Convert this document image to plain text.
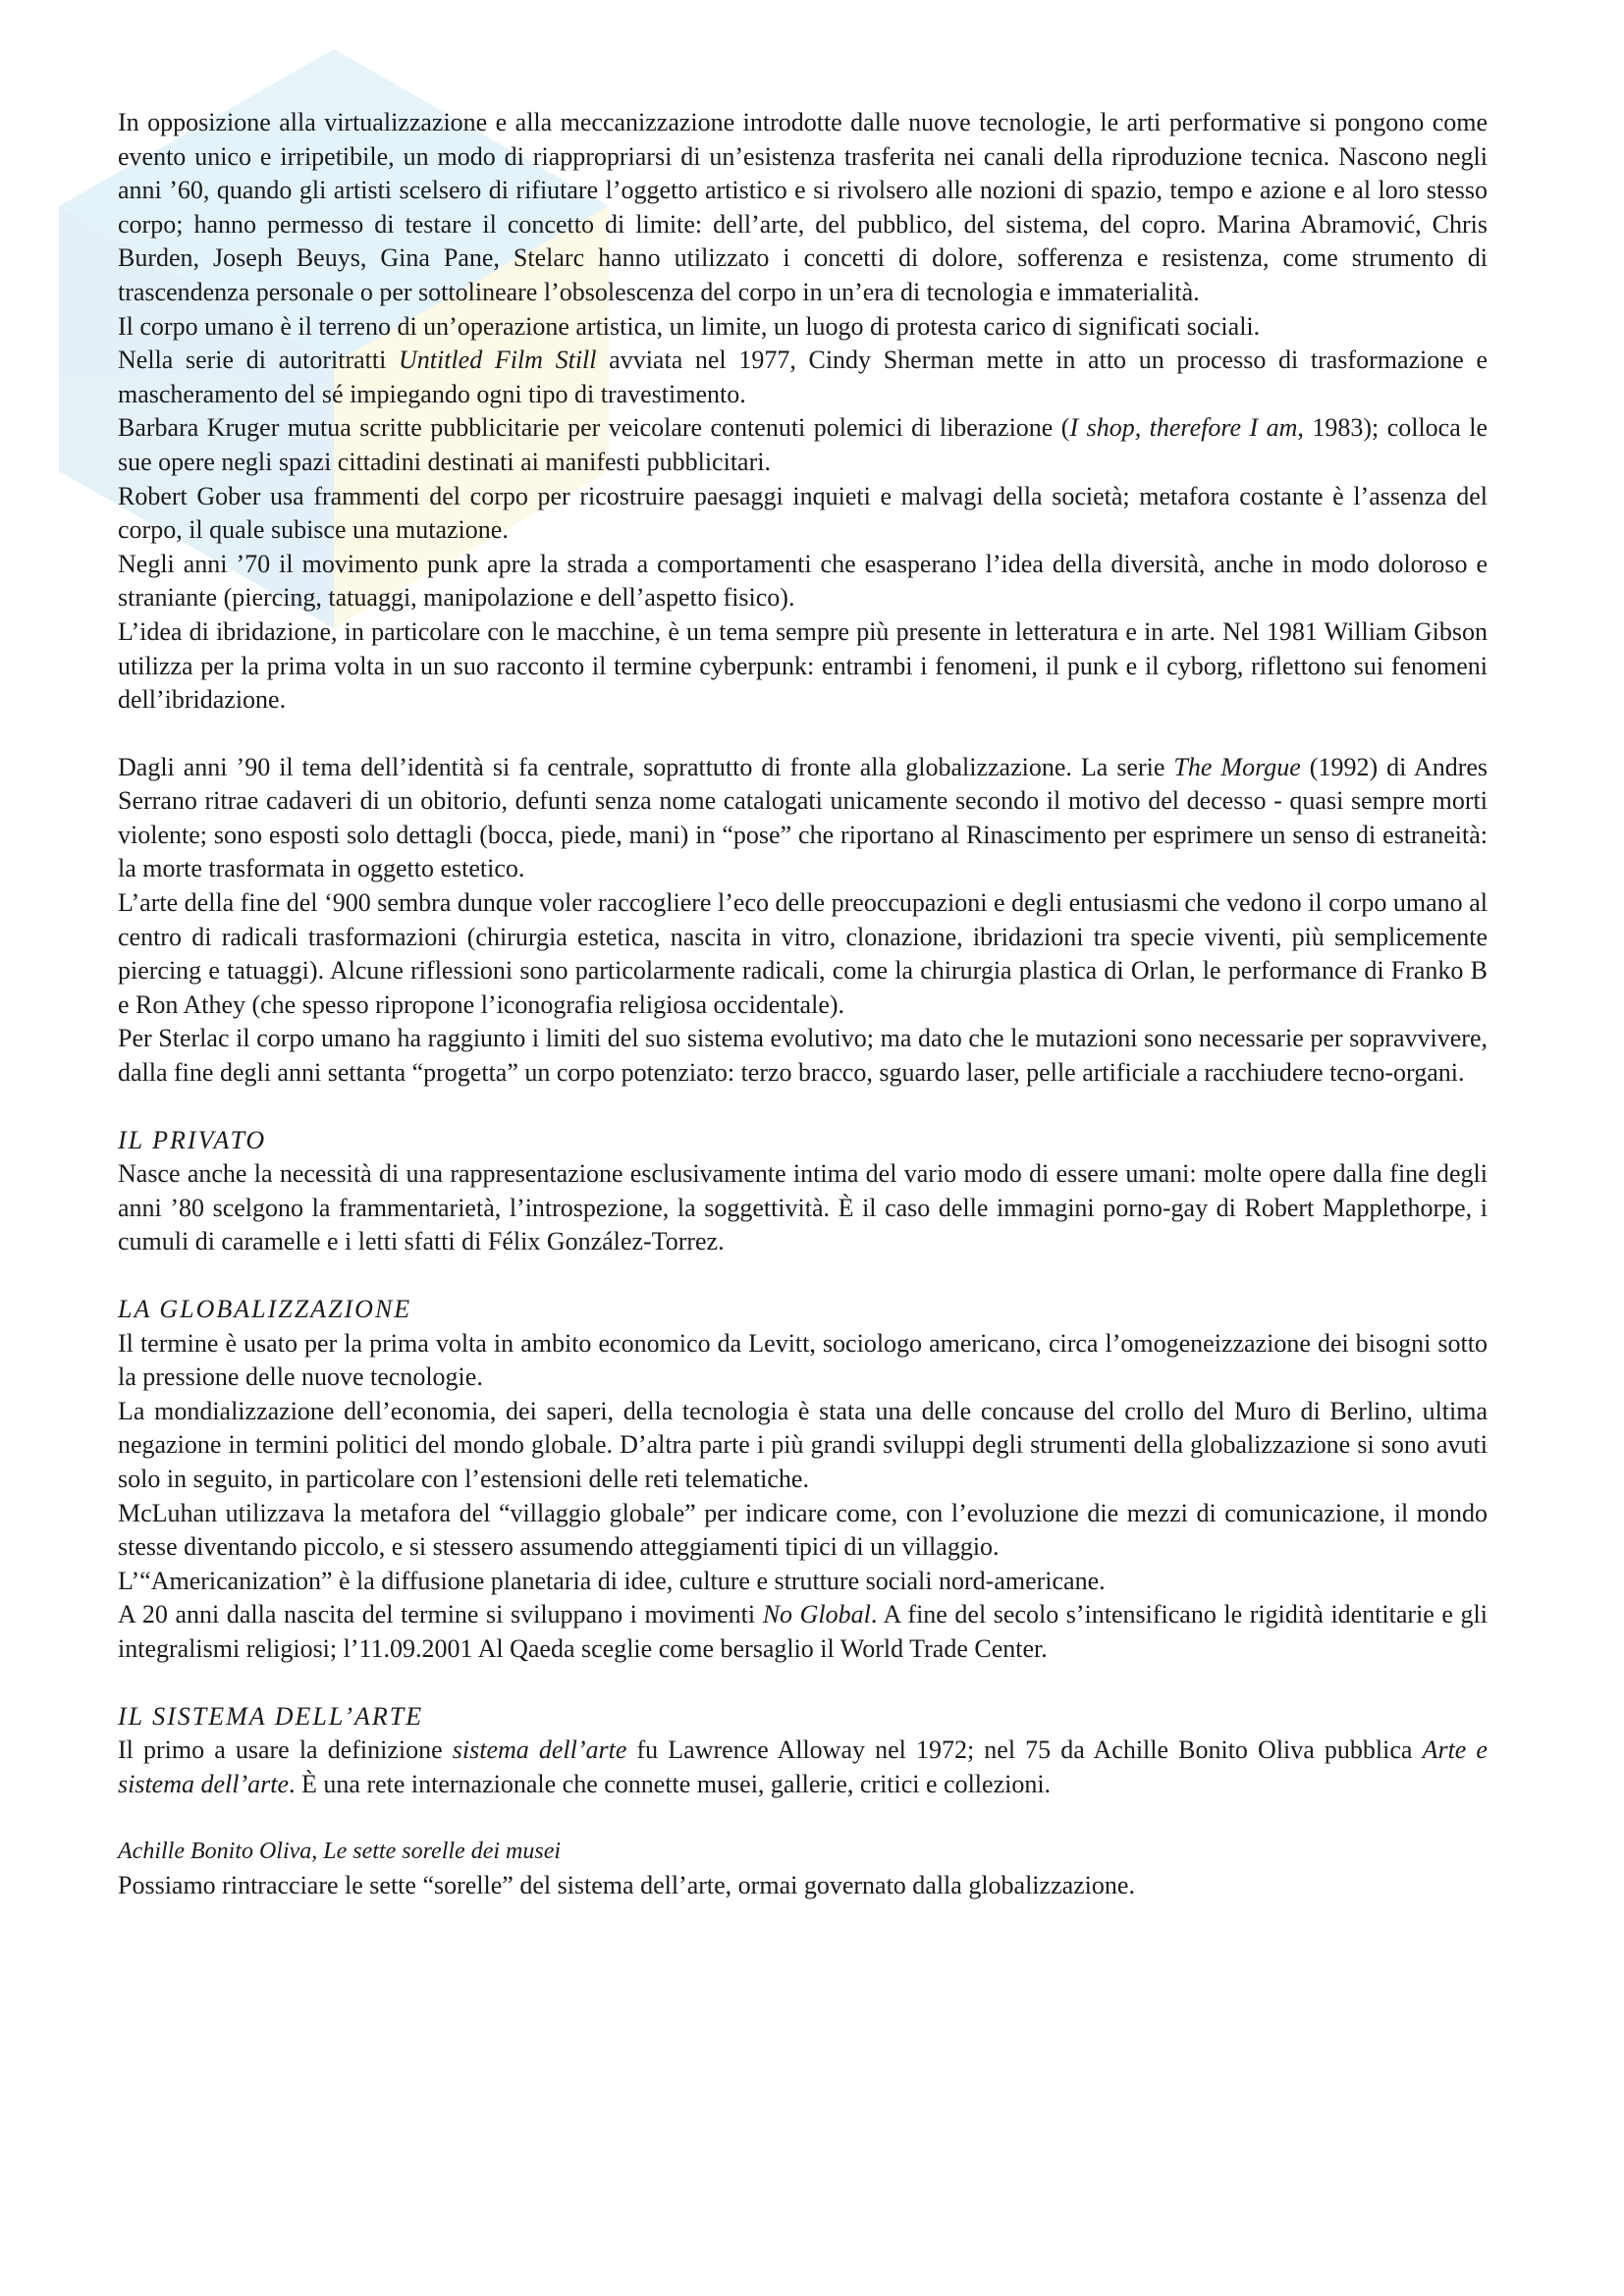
In opposizione alla virtualizzazione e alla meccanizzazione introdotte dalle nuove tecnologie, le arti performative si pongono come evento unico e irripetibile, un modo di riappropriarsi di un’esistenza trasferita nei canali della riproduzione tecnica. Nascono negli anni ’60, quando gli artisti scelsero di rifiutare l’oggetto artistico e si rivolsero alle nozioni di spazio, tempo e azione e al loro stesso corpo; hanno permesso di testare il concetto di limite: dell’arte, del pubblico, del sistema, del copro. Marina Abramović, Chris Burden, Joseph Beuys, Gina Pane, Stelarc hanno utilizzato i concetti di dolore, sofferenza e resistenza, come strumento di trascendenza personale o per sottolineare l’obsolescenza del corpo in un’era di tecnologia e immaterialità.

Il corpo umano è il terreno di un’operazione artistica, un limite, un luogo di protesta carico di significati sociali.

Nella serie di autoritratti Untitled Film Still avviata nel 1977, Cindy Sherman mette in atto un processo di trasformazione e mascheramento del sé impiegando ogni tipo di travestimento.

Barbara Kruger mutua scritte pubblicitarie per veicolare contenuti polemici di liberazione (I shop, therefore I am, 1983); colloca le sue opere negli spazi cittadini destinati ai manifesti pubblicitari.

Robert Gober usa frammenti del corpo per ricostruire paesaggi inquieti e malvagi della società; metafora costante è l’assenza del corpo, il quale subisce una mutazione.

Negli anni ’70 il movimento punk apre la strada a comportamenti che esasperano l’idea della diversità, anche in modo doloroso e straniante (piercing, tatuaggi, manipolazione e dell’aspetto fisico).

L’idea di ibridazione, in particolare con le macchine, è un tema sempre più presente in letteratura e in arte. Nel 1981 William Gibson utilizza per la prima volta in un suo racconto il termine cyberpunk: entrambi i fenomeni, il punk e il cyborg, riflettono sui fenomeni dell’ibridazione.

Dagli anni ’90 il tema dell’identità si fa centrale, soprattutto di fronte alla globalizzazione. La serie The Morgue (1992) di Andres Serrano ritrae cadaveri di un obitorio, defunti senza nome catalogati unicamente secondo il motivo del decesso - quasi sempre morti violente; sono esposti solo dettagli (bocca, piede, mani) in “pose” che riportano al Rinascimento per esprimere un senso di estraneità: la morte trasformata in oggetto estetico.

L’arte della fine del ‘900 sembra dunque voler raccogliere l’eco delle preoccupazioni e degli entusiasmi che vedono il corpo umano al centro di radicali trasformazioni (chirurgia estetica, nascita in vitro, clonazione, ibridazioni tra specie viventi, più semplicemente piercing e tatuaggi). Alcune riflessioni sono particolarmente radicali, come la chirurgia plastica di Orlan, le performance di Franko B e Ron Athey (che spesso ripropone l’iconografia religiosa occidentale).

Per Sterlac il corpo umano ha raggiunto i limiti del suo sistema evolutivo; ma dato che le mutazioni sono necessarie per sopravvivere, dalla fine degli anni settanta “progetta” un corpo potenziato: terzo bracco, sguardo laser, pelle artificiale a racchiudere tecno-organi.

IL PRIVATO

Nasce anche la necessità di una rappresentazione esclusivamente intima del vario modo di essere umani: molte opere dalla fine degli anni ’80 scelgono la frammentarietà, l’introspezione, la soggettività. È il caso delle immagini porno-gay di Robert Mapplethorpe, i cumuli di caramelle e i letti sfatti di Félix González-Torrez.

LA GLOBALIZZAZIONE

Il termine è usato per la prima volta in ambito economico da Levitt, sociologo americano, circa l’omogeneizzazione dei bisogni sotto la pressione delle nuove tecnologie.

La mondializzazione dell’economia, dei saperi, della tecnologia è stata una delle concause del crollo del Muro di Berlino, ultima negazione in termini politici del mondo globale. D’altra parte i più grandi sviluppi degli strumenti della globalizzazione si sono avuti solo in seguito, in particolare con l’estensioni delle reti telematiche.

McLuhan utilizzava la metafora del “villaggio globale” per indicare come, con l’evoluzione die mezzi di comunicazione, il mondo stesse diventando piccolo, e si stessero assumendo atteggiamenti tipici di un villaggio.

L’“Americanization” è la diffusione planetaria di idee, culture e strutture sociali nord-americane.

A 20 anni dalla nascita del termine si sviluppano i movimenti No Global. A fine del secolo s’intensificano le rigidità identitarie e gli integralismi religiosi; l’11.09.2001 Al Qaeda sceglie come bersaglio il World Trade Center.

IL SISTEMA DELL’ARTE

Il primo a usare la definizione sistema dell’arte fu Lawrence Alloway nel 1972; nel 75 da Achille Bonito Oliva pubblica Arte e sistema dell’arte. È una rete internazionale che connette musei, gallerie, critici e collezioni.

Achille Bonito Oliva, Le sette sorelle dei musei

Possiamo rintracciare le sette “sorelle” del sistema dell’arte, ormai governato dalla globalizzazione.
